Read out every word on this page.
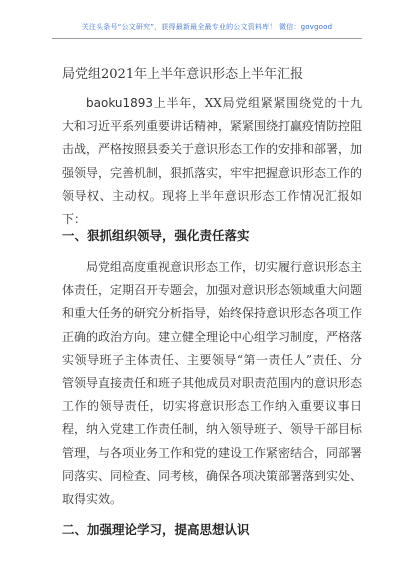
关注头条号“公文研究”，获得最新最全最专业的公文资料库！ 微信：govgood
局党组2021年上半年意识形态上半年汇报
baoku1893上半年，XX局党组紧紧围绕党的十九大和习近平系列重要讲话精神，紧紧围绕打赢疫情防控阻击战，严格按照县委关于意识形态工作的安排和部署，加强领导，完善机制，狠抓落实，牢牢把握意识形态工作的领导权、主动权。现将上半年意识形态工作情况汇报如下：
一、狠抓组织领导，强化责任落实
局党组高度重视意识形态工作，切实履行意识形态主体责任，定期召开专题会，加强对意识形态领域重大问题和重大任务的研究分析指导，始终保持意识形态各项工作正确的政治方向。建立健全理论中心组学习制度，严格落实领导班子主体责任、主要领导“第一责任人”责任、分管领导直接责任和班子其他成员对职责范围内的意识形态工作的领导责任，切实将意识形态工作纳入重要议事日程，纳入党建工作责任制，纳入领导班子、领导干部目标管理，与各项业务工作和党的建设工作紧密结合，同部署同落实、同检查、同考核，确保各项决策部署落到实处、取得实效。
二、加强理论学习，提高思想认识
